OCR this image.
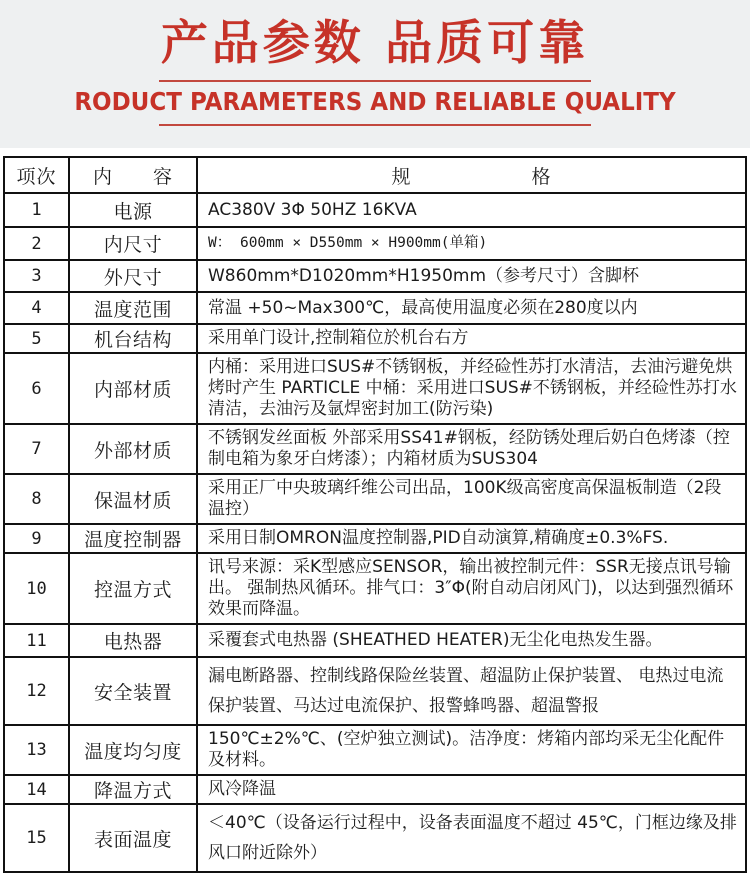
产品参数 品质可靠
RODUCT PARAMETERS AND RELIABLE QUALITY
项次	内　　容	规　　　　　　格
1	电源	AC380V 3Φ 50HZ 16KVA
2	内尺寸	W： 600mm × D550mm × H900mm(单箱)
3	外尺寸	W860mm*D1020mm*H1950mm（参考尺寸）含脚杯
4	温度范围	常温 +50~Max300℃，最高使用温度必须在280度以内
5	机台结构	采用单门设计,控制箱位於机台右方
6	内部材质	内桶：采用进口SUS#不锈钢板，并经硷性苏打水清洁，去油污避免烘烤时产生 PARTICLE 中桶：采用进口SUS#不锈钢板，并经硷性苏打水清洁，去油污及氩焊密封加工(防污染)
7	外部材质	不锈钢发丝面板 外部采用SS41#钢板，经防锈处理后奶白色烤漆（控制电箱为象牙白烤漆）；内箱材质为SUS304
8	保温材质	采用正厂中央玻璃纤维公司出品，100K级高密度高保温板制造（2段温控）
9	温度控制器	采用日制OMRON温度控制器,PID自动演算,精确度±0.3%FS.
10	控温方式	讯号来源：采K型感应SENSOR，输出被控制元件：SSR无接点讯号输出。 强制热风循环。排气口：3″Φ(附自动启闭风门)，以达到强烈循环效果而降温。
11	电热器	采覆套式电热器 (SHEATHED HEATER)无尘化电热发生器。
12	安全装置	漏电断路器、控制线路保险丝装置、超温防止保护装置、 电热过电流保护装置、马达过电流保护、报警蜂鸣器、超温警报
13	温度均匀度	150℃±2%℃、(空炉独立测试)。洁净度：烤箱内部均采无尘化配件及材料。
14	降温方式	风冷降温
15	表面温度	＜40℃（设备运行过程中，设备表面温度不超过 45℃，门框边缘及排风口附近除外）
